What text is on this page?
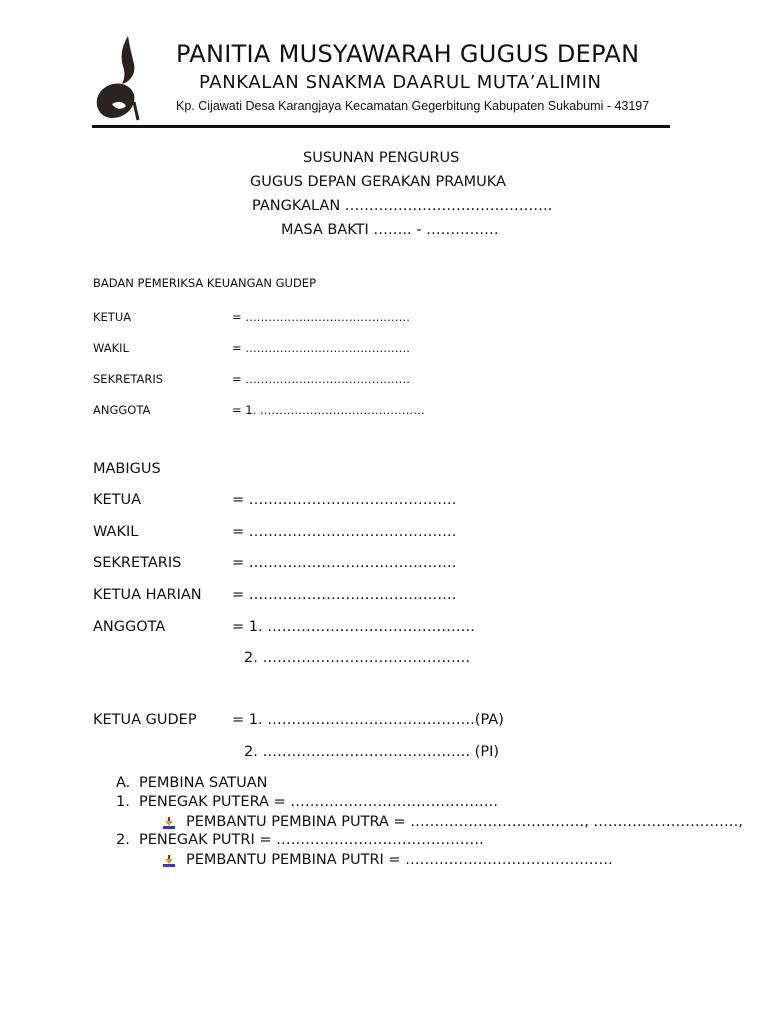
PANITIA MUSYAWARAH GUGUS DEPAN
PANKALAN SNAKMA DAARUL MUTA’ALIMIN
Kp. Cijawati Desa Karangjaya Kecamatan Gegerbitung Kabupaten Sukabumi - 43197
SUSUNAN PENGURUS
GUGUS DEPAN GERAKAN PRAMUKA
PANGKALAN …………………………………….
MASA BAKTI …….. - ……………
BADAN PEMERIKSA KEUANGAN GUDEP
KETUA	= …………………………………….
WAKIL	= …………………………………….
SEKRETARIS	= …………………………………….
ANGGOTA	= 1. …………………………………….
MABIGUS
KETUA	= …………………………………….
WAKIL	= …………………………………….
SEKRETARIS	= …………………………………….
KETUA HARIAN = …………………………………….
ANGGOTA	= 1. …………………………………….
2. …………………………………….
KETUA GUDEP = 1. …………………………………….(PA)
2. ……………………………………. (PI)
A. PEMBINA SATUAN
1. PENEGAK PUTERA = …………………………………….
PEMBANTU PEMBINA PUTRA = ………………………………, …………………………,
2. PENEGAK PUTRI = …………………………………….
PEMBANTU PEMBINA PUTRI = …………………………………….
